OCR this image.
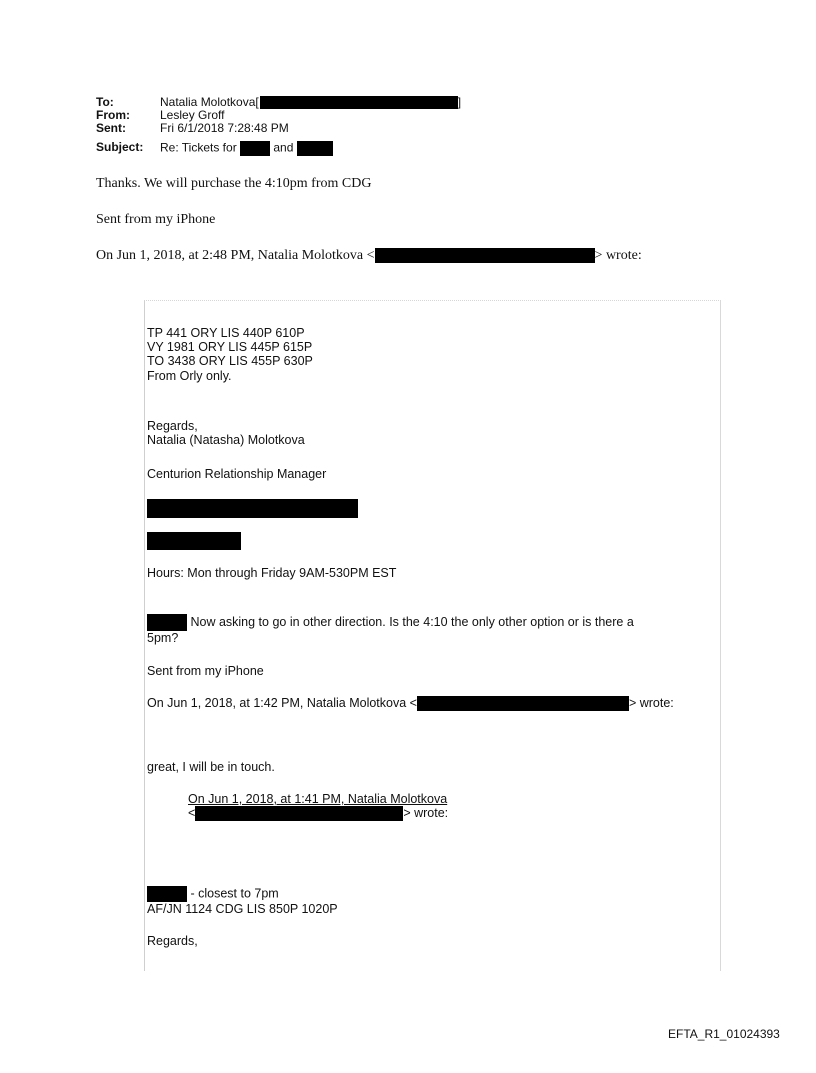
To:	Natalia Molotkova[	]
From:	Lesley Groff
Sent:	Fri 6/1/2018 7:28:48 PM
Subject: Re: Tickets for	and
Thanks. We will purchase the 4:10pm from CDG
Sent from my iPhone
On Jun 1, 2018, at 2:48 PM, Natalia Molotkova <	> wrote:
TP 441 ORY LIS 440P 610P
VY 1981 ORY LIS 445P 615P
TO 3438 ORY LIS 455P 630P
From Orly only.
Regards,
Natalia (Natasha) Molotkova
Centurion Relationship Manager
Hours: Mon through Friday 9AM-530PM EST
Now asking to go in other direction. Is the 4:10 the only other option or is there a
5pm?
Sent from my iPhone
On Jun 1, 2018, at 1:42 PM, Natalia Molotkova <	> wrote:
great, I will be in touch.
On Jun 1, 2018, at 1:41 PM, Natalia Molotkova
<	> wrote:
- closest to 7pm
AF/JN 1124 CDG LIS 850P 1020P
Regards,
EFTA_R1_01024393
